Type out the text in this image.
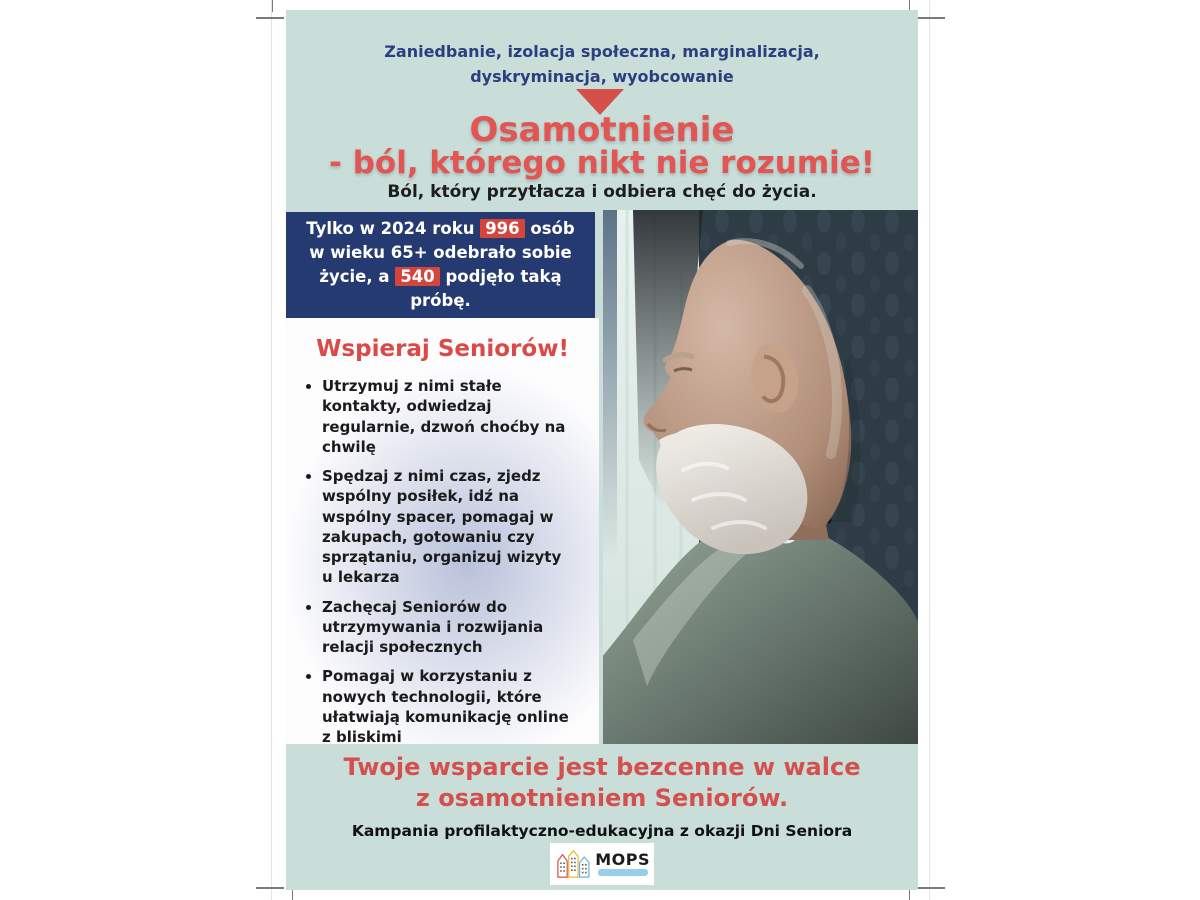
Zaniedbanie, izolacja społeczna, marginalizacja,
dyskryminacja, wyobcowanie
Osamotnienie
- ból, którego nikt nie rozumie!
Ból, który przytłacza i odbiera chęć do życia.
Tylko w 2024 roku 996 osób w wieku 65+ odebrało sobie życie, a 540 podjęło taką próbę.
Wspieraj Seniorów!
• Utrzymuj z nimi stałe kontakty, odwiedzaj regularnie, dzwoń choćby na chwilę
• Spędzaj z nimi czas, zjedz wspólny posiłek, idź na wspólny spacer, pomagaj w zakupach, gotowaniu czy sprzątaniu, organizuj wizyty u lekarza
• Zachęcaj Seniorów do utrzymywania i rozwijania relacji społecznych
• Pomagaj w korzystaniu z nowych technologii, które ułatwiają komunikację online z bliskimi
Twoje wsparcie jest bezcenne w walce
z osamotnieniem Seniorów.
Kampania profilaktyczno-edukacyjna z okazji Dni Seniora
MOPS
